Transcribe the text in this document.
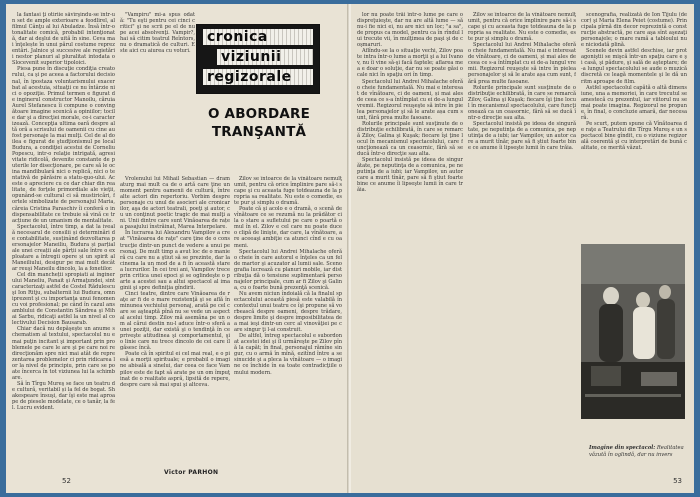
la fantasi ţi otiriie săvîrşindu-se într-un set de ample exterioare a feodlirel, al filmul Cânţu al lui Abuladze. Însă într-o tonalitate comică, probabil intenţionată, dar ai deşlui de uită în sine. Ceva mai înţelește în unui părul costume reprezentări. Jalnice şi succesive ale regietării nestor planuri al pluralitat intodata o Slocevenit superior tipoloici.

Piesa pune în discuţie condiţia creatorului, ca şi pe aceea a factorului decisional, în ipostaza voluntarismului exacerbat al acestuia, situaţii ce nu întârzie nici o opoziţie. Primul termen e figurat de inginerul constructor Manoilu, căruia Aurel Stefanescu îi compune o convingătoare imagine scenică a opiniilor; tocile dar şi a direcţiei morale, ce-i caracterizează. Concepţia ultima oară despre altă oră a scrisului de oamenii cu cine au fost personaje la mai mulţi. Cel de al doilea e figurat de ştudţionismul pe local Budura, a condiţiei acestui de Corneliu Popescu, intr-o relaţie intrigată, agresivitate ridicolă, devenite constante de puterile lor disecţionare, pe care să le ocina mandibulară nici o replică, nici o tentativă de părăsire a statu-quo-ului. Aceste o apreciere cu ce dar chiar din realitate, de forţele primordiale ale vieţii, opunând-se cultural ci să mustiricări, fortele simbolizate de personajul Maria, căreia Cristina Paraschiv îi conferă o indispensabilitate ce trebuie să vină ce tracțiune de un umanism de mentalitate.

Spectacolul, între timp, a dat la iveală necesarul de consilii și determinări de contabilitate, susținând dezvoltarea personajelor Maneiliu, Budura și parțial ale unei creații ale părții sale între o exploatare a întregii opere și un spirit al Maneiliului, desigur pe mai mult decât ar reuşi Maneilu dincolo, la a fonetilor.

Cel din mancheții spropiati ai inginerului Maneliu, Panait şi Armaţundei, sint caracterizaţi astfel de Costel Rădulescu şi Ion Ritju, subalternii lui Budura, omniprezent şi cu importanţa unui fenomen cu voi profesional; pe când în cazul ansamblului de Constantin Săndrea şi Mihai Sarbu, ridicaţi astfel la un nivel al colectivului Decision Bausarab.

Chiar dacă nu depăşeşte un anume schematism al textului, spectacolul nu e mai puţin incitant şi important prin problemele pe care le are şi pe care noi redirecţionăm spre nici mai atât de reprezentarea problemelor ci prin ridicarea lor la nivel de principiu, prin care se poate încerca în tot viziunea lui la schimbare.

Să în Tîrgu Mureş se face un teatru de cultură, veritabil și la fel de bogat. Shakespeare însuşi, dar îşi este mai aproape de piesele modelate, ce o tanăr, la fel. Lucru evident.

"Vampiru" mi-a spus odată: "Tu eşti pentru cei cinci critici" şi ne scrii pe el de nu pe acei absolvenţi. Vampir?, hai să citim teatrul Reîntors, nu o dramatică de culturi. Este aici cu aiurea cu voturi.

cronica
viziunii
regizorale
O ABORDARE
TRANŞANTĂ

Vrolenului lui Mihail Sebastian — dramaturg mai mult ca de o artă care ţine un moment pentru oamenii de cultură, între alte actori din repertoriu. Vorbim despre personaje cu unul de asocieri ale cronicarilor, aşa de actori teatrali, poeţi şi autor, cu un conţinut poetic tragic de mai mulţi ani. Unii dintre care sunt Vinăoarea de rațe a pasajului înstrăinat, Marea Interpelare.

În lucrarea lui Alexandru Vampilov a creat "Vinăoarea de raţe" care ţine de o construcţie dintr-un punct de vedere a unui personaj. De mult timp a avut loc de o manieră cu care nu a ştiut să se prezinte, dar la cinema la un mod de a fi în această stare a lucrurilor. În cei trei ani, Vampilov trece prin critica unei epoci şi se oglindeşte o parte a acestei sau a altui spectacol al imaginii şi spre definiţia gîndirii.

Cinci teatre, dintre care Vinăoarea de raţe ar fi de o mare rezistenţă şi se află în minunea vechiului personaj, arată pe cel care se aşteaptă pînă nu se vede un aspect al acelui timp. Zilov mă asemăna pe un om al cărui destin nu-l aduce într-o sferă a unei poziţii, dar există şi o tendinţă în ce priveşte atitudinea şi comportamentul, şi o linie care nu trece dincolo de cei care îl găsesc încă.

Poate că în spiritul ei cel mai real, e o piesă a morţii spirituale; e probabil o imagine abisală a sinelui, dar ceea ce face Vampilov este de fapt să arate pe un om împuţinat de o realitate aspră, lipsită de repere, despre care să mai spui şi altceva.

Zilov se întoarce de la vînătoare nemulţumit, pentru că orice împlinire pare să-i scape şi cu aceasta fuge totdeauna de la propria sa realitate. Nu este o comedie, este pur şi simplu o dramă.

Poate că şi acolo e o dramă, o scenă de vînătoare ce se rezumă nu la prădător ci la o stare a sufletului pe care o poartă omul în el. Zilov e cel care nu poate duce o clipă de linişte, dar care, la vînătoare, are aceeaşi ambiţie ca atunci cînd e cu oameni.

Spectacolul lui Andrei Mihalache oferă o cheie în care autorul e înţeles ca un fel de martor şi acuzator al lumii sale. Scenografia lucrează cu planuri mobile, iar distribuţia dă o tensiune suplimentară personajelor principale, cum ar fi Zilov şi Galina, cu o foarte bună prezenţă scenică.

Nu avem niciun îndoială că la finalul spectacolului această piesă este valabilă în contextul unui teatru ce îşi propune să vorbească despre oameni, despre trădare, despre limite şi despre imposibilitatea de a mai ieşi dintr-un cerc al vinovăţiei pe care singur ţi l-ai construit.

De altfel, întreg spectacolul e subordonat acestei idei şi îl urmăreşte pe Zilov pînă la capăt; în final, personajul rămîne singur, cu o armă în mînă, ezitînd între a se sinucide şi a pleca la vînătoare — o imagine ce închide în ea toate contradicţiile omului modern.

Victor PARHON
52

lor nu poate trăi într-o lume pe care o dispreţuieşte, dar nu are altă lume — să nu-i fie nici ei, nu are nici un loc; "a sa", de propus ca model, pentru ca în rîndul lui trecute vii, în mulţimea de paşi şi de coşmaruri.

Aflîndu-se la o situaţie vechi, Zilov poate intra într-o lume a morţii şi a lui Ivanov, nu îi vine să-şi facă faptele; aflarea mea e doar o soluţie, dar nu se poate găsi o cale nici în spaţiu ori în timp.

Spectacolul lui Andrei Mihalache oferă o cheie fundamentală. Nu mai e interesat de vînătoare, ci de oameni, și mai ales de ceea ce s-a întîmplat cu ei de-a lungul vremii. Regizorul reuşeşte să intre în pielea personajelor şi să le arate așa cum sunt, fără prea multe fasoane.

Rolurile principale sunt susţinute de o distribuţie echilibrată, în care se remarcă Zilov, Galina şi Kuşak; fiecare îşi ţine locul în mecanismul spectacolului, care funcţionează ca un ceasornic, fără să se ducă într-o direcţie sau alta.

Spectacolul insistă pe ideea de singurătate, pe neputinţa de a comunica, pe neputinţa de a iubi; iar Vampilov, un autor care a murit tînăr, pare să fi ştiut foarte bine ce anume îi lipseşte lumii în care trăia.

Zilov se întoarce de la vînătoare nemulţumit, pentru că orice împlinire pare să-i scape şi cu aceasta fuge totdeauna de la propria sa realitate. Nu este o comedie, este pur şi simplu o dramă.

Spectacolul lui Andrei Mihalache oferă o cheie fundamentală. Nu mai e interesat de vînătoare, ci de oameni, și mai ales de ceea ce s-a întîmplat cu ei de-a lungul vremii. Regizorul reuşeşte să intre în pielea personajelor şi să le arate așa cum sunt, fără prea multe fasoane.

Rolurile principale sunt susţinute de o distribuţie echilibrată, în care se remarcă Zilov, Galina şi Kuşak; fiecare îşi ţine locul în mecanismul spectacolului, care funcţionează ca un ceasornic, fără să se ducă într-o direcţie sau alta.

Spectacolul insistă pe ideea de singurătate, pe neputinţa de a comunica, pe neputinţa de a iubi; iar Vampilov, un autor care a murit tînăr, pare să fi ştiut foarte bine ce anume îi lipseşte lumii în care trăia.

scenografia, realizată de Ion Tîjulu (decor) şi Maria Elena Peiet (costume). Principala pîrnă din decor reprezintă o construcţie abstractă, pe care aşa sînt aşezaţi personajele; o mare ramă a tabloului nu e niciodată plină.

Scenele devin astfel deschise, iar protagoniştii se mişcă într-un spaţiu care e şi casă, şi pădure, şi sală de aşteptare; de-a lungul spectacolului se aude o muzică discretă ce leagă momentele şi le dă un ritm aproape de film.

Astfel spectacolul capătă o altă dimensiune, una a memoriei, în care trecutul se amestecă cu prezentul, iar viitorul nu se mai poate imagina. Regizorul ne propune, în final, o concluzie amară, dar necesară.

Pe scurt, putem spune că Vînătoarea de raţe a Teatrului din Tîrgu Mureş e un spectacol bine gîndit, cu o viziune regizorală coerentă şi cu interpretări de bună calitate, ce merită văzut.

Imagine din spectacol: Realitatea văzută în oglindă, dar nu invers
53
